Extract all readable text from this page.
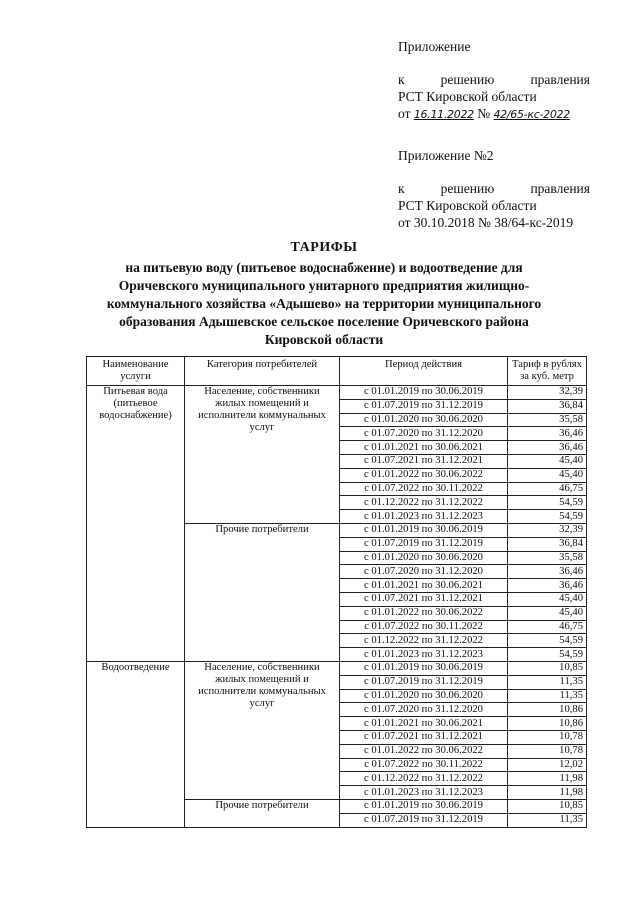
Приложение
к решению правления
РСТ Кировской области
от 16.11.2022 № 42/65-кс-2022
Приложение №2
к решению правления
РСТ Кировской области
от 30.10.2018 № 38/64-кс-2019
ТАРИФЫ
на питьевую воду (питьевое водоснабжение) и водоотведение для Оричевского муниципального унитарного предприятия жилищно-коммунального хозяйства «Адышево» на территории муниципального образования Адышевское сельское поселение Оричевского района Кировской области
Наименование услуги	Категория потребителей	Период действия	Тариф в рублях за куб. метр
Питьевая вода (питьевое водоснабжение)	Население, собственники жилых помещений и исполнители коммунальных услуг	с 01.01.2019 по 30.06.2019	32,39
		с 01.07.2019 по 31.12.2019	36,84
		с 01.01.2020 по 30.06.2020	35,58
		с 01.07.2020 по 31.12.2020	36,46
		с 01.01.2021 по 30.06.2021	36,46
		с 01.07.2021 по 31.12.2021	45,40
		с 01.01.2022 по 30.06.2022	45,40
		с 01.07.2022 по 30.11.2022	46,75
		с 01.12.2022 по 31.12.2022	54,59
		с 01.01.2023 по 31.12.2023	54,59
	Прочие потребители	с 01.01.2019 по 30.06.2019	32,39
		с 01.07.2019 по 31.12.2019	36,84
		с 01.01.2020 по 30.06.2020	35,58
		с 01.07.2020 по 31.12.2020	36,46
		с 01.01.2021 по 30.06.2021	36,46
		с 01.07.2021 по 31.12.2021	45,40
		с 01.01.2022 по 30.06.2022	45,40
		с 01.07.2022 по 30.11.2022	46,75
		с 01.12.2022 по 31.12.2022	54,59
		с 01.01.2023 по 31.12.2023	54,59
Водоотведение	Население, собственники жилых помещений и исполнители коммунальных услуг	с 01.01.2019 по 30.06.2019	10,85
		с 01.07.2019 по 31.12.2019	11,35
		с 01.01.2020 по 30.06.2020	11,35
		с 01.07.2020 по 31.12.2020	10,86
		с 01.01.2021 по 30.06.2021	10,86
		с 01.07.2021 по 31.12.2021	10,78
		с 01.01.2022 по 30.06.2022	10,78
		с 01.07.2022 по 30.11.2022	12,02
		с 01.12.2022 по 31.12.2022	11,98
		с 01.01.2023 по 31.12.2023	11,98
	Прочие потребители	с 01.01.2019 по 30.06.2019	10,85
		с 01.07.2019 по 31.12.2019	11,35
